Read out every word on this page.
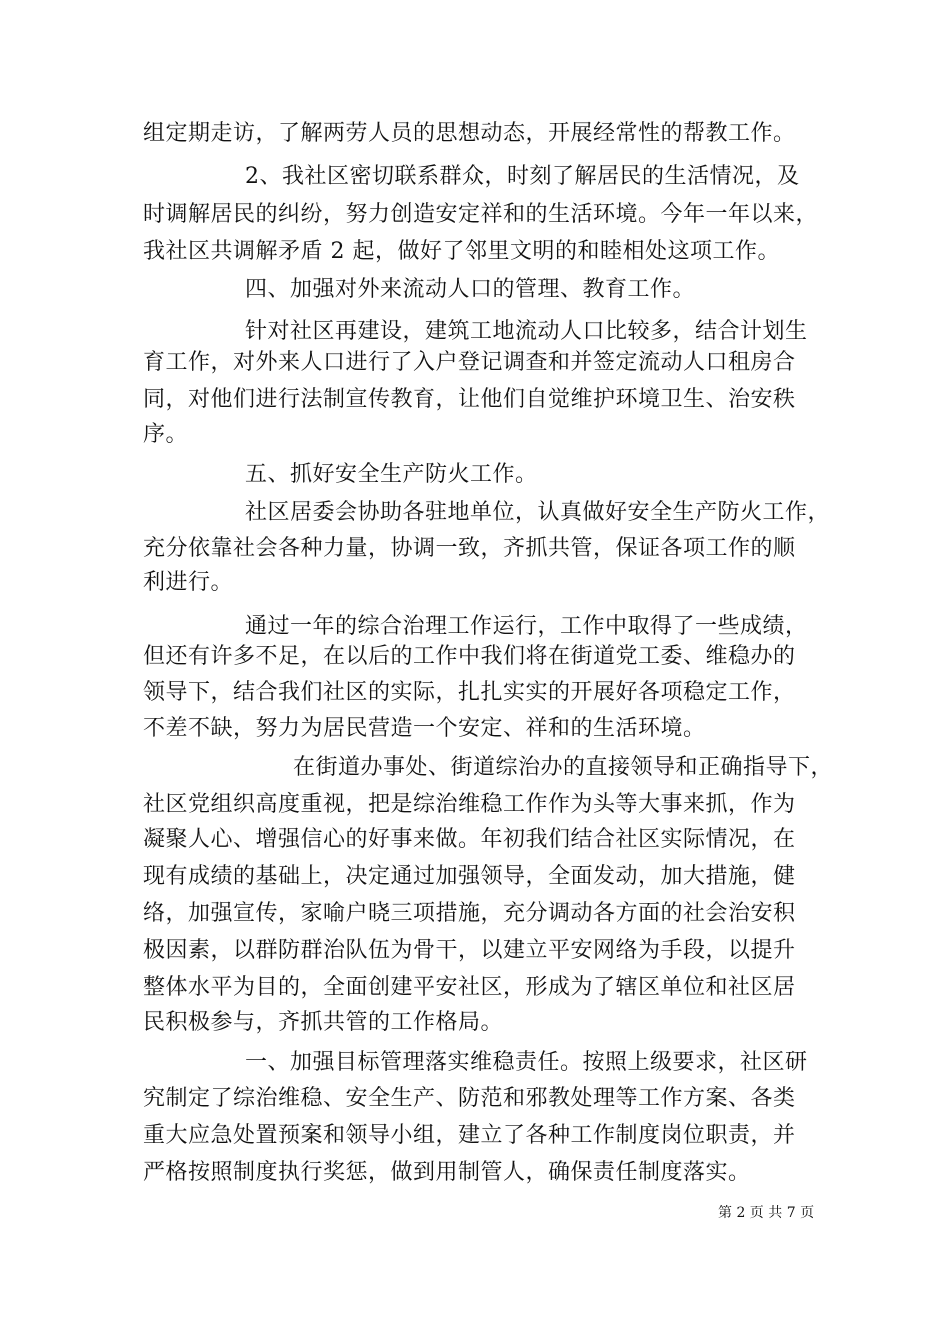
组定期走访，了解两劳人员的思想动态，开展经常性的帮教工作。
2、我社区密切联系群众，时刻了解居民的生活情况，及
时调解居民的纠纷，努力创造安定祥和的生活环境。今年一年以来，
我社区共调解矛盾 2 起，做好了邻里文明的和睦相处这项工作。
四、加强对外来流动人口的管理、教育工作。
针对社区再建设，建筑工地流动人口比较多，结合计划生
育工作，对外来人口进行了入户登记调查和并签定流动人口租房合
同，对他们进行法制宣传教育，让他们自觉维护环境卫生、治安秩
序。
五、抓好安全生产防火工作。
社区居委会协助各驻地单位，认真做好安全生产防火工作，
充分依靠社会各种力量，协调一致，齐抓共管，保证各项工作的顺
利进行。
通过一年的综合治理工作运行，工作中取得了一些成绩，
但还有许多不足，在以后的工作中我们将在街道党工委、维稳办的
领导下，结合我们社区的实际，扎扎实实的开展好各项稳定工作，
不差不缺，努力为居民营造一个安定、祥和的生活环境。
在街道办事处、街道综治办的直接领导和正确指导下，
社区党组织高度重视，把是综治维稳工作作为头等大事来抓，作为
凝聚人心、增强信心的好事来做。年初我们结合社区实际情况，在
现有成绩的基础上，决定通过加强领导，全面发动，加大措施，健
络，加强宣传，家喻户晓三项措施，充分调动各方面的社会治安积
极因素，以群防群治队伍为骨干，以建立平安网络为手段，以提升
整体水平为目的，全面创建平安社区，形成为了辖区单位和社区居
民积极参与，齐抓共管的工作格局。
一、加强目标管理落实维稳责任。按照上级要求，社区研
究制定了综治维稳、安全生产、防范和邪教处理等工作方案、各类
重大应急处置预案和领导小组，建立了各种工作制度岗位职责，并
严格按照制度执行奖惩，做到用制管人，确保责任制度落实。
第 2 页 共 7 页
